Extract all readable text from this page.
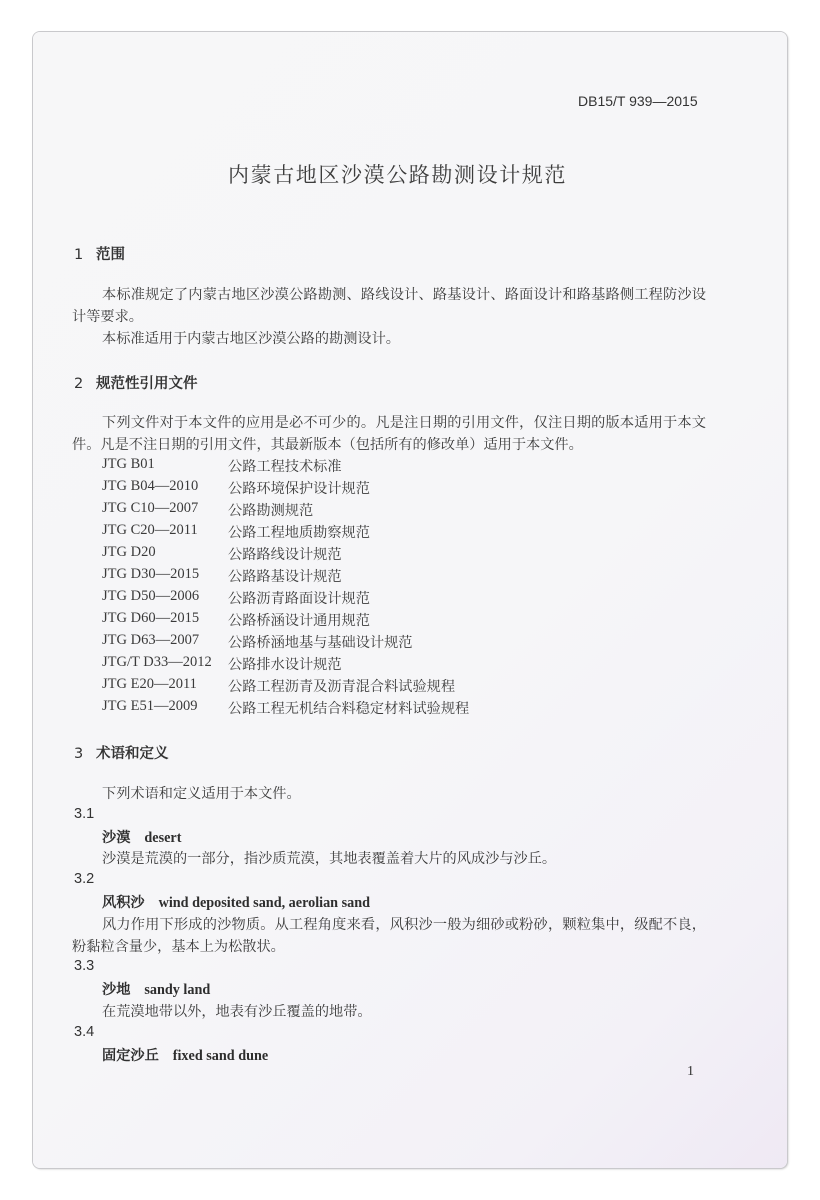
DB15/T 939—2015
内蒙古地区沙漠公路勘测设计规范
1 范围
本标准规定了内蒙古地区沙漠公路勘测、路线设计、路基设计、路面设计和路基路侧工程防沙设计等要求。
本标准适用于内蒙古地区沙漠公路的勘测设计。
2 规范性引用文件
下列文件对于本文件的应用是必不可少的。凡是注日期的引用文件，仅注日期的版本适用于本文件。凡是不注日期的引用文件，其最新版本（包括所有的修改单）适用于本文件。
JTG B01	公路工程技术标准
JTG B04—2010 公路环境保护设计规范
JTG C10—2007 公路勘测规范
JTG C20—2011 公路工程地质勘察规范
JTG D20	公路路线设计规范
JTG D30—2015 公路路基设计规范
JTG D50—2006 公路沥青路面设计规范
JTG D60—2015 公路桥涵设计通用规范
JTG D63—2007 公路桥涵地基与基础设计规范
JTG/T D33—2012 公路排水设计规范
JTG E20—2011 公路工程沥青及沥青混合料试验规程
JTG E51—2009 公路工程无机结合料稳定材料试验规程
3 术语和定义
下列术语和定义适用于本文件。
3.1
沙漠 desert
沙漠是荒漠的一部分，指沙质荒漠，其地表覆盖着大片的风成沙与沙丘。
3.2
风积沙 wind deposited sand, aerolian sand
风力作用下形成的沙物质。从工程角度来看，风积沙一般为细砂或粉砂，颗粒集中，级配不良，粉黏粒含量少，基本上为松散状。
3.3
沙地 sandy land
在荒漠地带以外，地表有沙丘覆盖的地带。
3.4
固定沙丘 fixed sand dune
1
